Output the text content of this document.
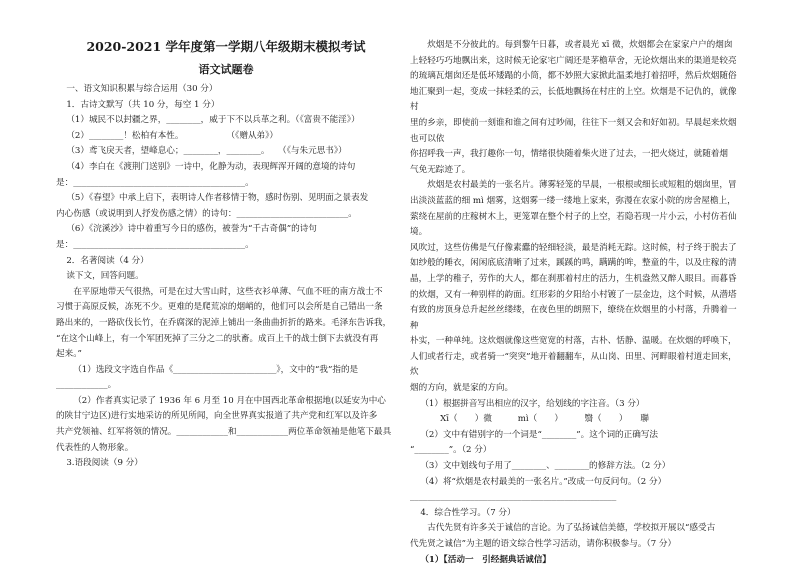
2020-2021 学年度第一学期八年级期末模拟考试

语文试题卷

一、语文知识积累与综合运用（30 分）

1．古诗文默写（共 10 分，每空 1 分）

（1）城民不以封疆之界，________，威于下不以兵革之利。（《富贵不能淫》）

（2）________！松柏有本性。　　　　　　（《赠从弟》）

（3）鸢飞戾天者，望峰息心；________，________。　　（《与朱元思书》）

（4）李白在《渡荆门送别》一诗中，化静为动，表现辉浑开阔的意境的诗句

是：________________________________________。

（5）《春望》中承上启下，表明诗人作者移情于物，感时伤别、见明面之景表发

内心伤感（或说明到人抒发伤感之情）的诗句：__________________________。

（6）《浣溪沙》诗中着重写今日的感伤，被誉为“千古奇偶”的诗句

是：________________________________________。

2．名著阅读（4 分）

读下文，回答问题。

在平原地带天气很热，可是在过大雪山时，这些衣衫单薄、气血不旺的南方战士不

习惯于高原反候，冻死不少。更难的是爬荒凉的烟峭的，他们可以会所是自己错出一条

路出来的，一路砍伐长竹，在乔腐深的泥淖上铺出一条曲曲折折的路来。毛泽东告诉我，

“在这个山峰上，有一个军团死掉了三分之二的驮畜。成百上千的战士倒下去就没有再

起来。”

（1）选段文字选自作品《________________________》，文中的“我”指的是

____________。

（2）作者真实记录了 1936 年 6 月至 10 月在中国西北革命根据地(以延安为中心

的陕甘宁边区)进行实地采访的所见所闻，向全世界真实报道了共产党和红军以及许多

共产党领袖、红军将领的情况。____________和____________两位革命领袖是他笔下最具

代表性的人物形象。

3.语段阅读（9 分）

炊烟是不分彼此的。每到黎午日暮，或者晨光 xī 微，炊烟都会在家家户户的烟囱

上轻轻巧巧地飘出来，这时候无论家宅广阔还是茅檐草舍，无论炊烟出来的渠道是较亮

的琉璃瓦烟囱还是低坏矮蹋的小筒，都不妙照大家掀此温柔地打着招呼，然后炊烟随俗

地汇聚到一起，变成一抹轻柔的云，长低地飘扬在村庄的上空。炊烟是不记仇的，就像村

里的乡亲，即使前一刻谁和谁之间有过吵闹，往往下一刻又会和好如初。早晨起来炊烟也可以依

你招呼我一声，我打趣你一句，情绪很快随着柴火迸了过去，一把火烧过，就随着烟

气免无踪迹了。

炊烟是农村最美的一张名片。薄雾轻笼的早晨，一根根或细长或短粗的烟囱里，冒

出淡淡蓝蓝的细 mì 烟雾，这烟雾一缕一缕地上家来，弥漫在农家小院的房舍屋檐上，

萦绕在屋前的庄稼树木上，更笼罩在整个村子的上空，若隐若现一片小云，小村仿若仙境。

风吹过，这些仿佛是气仔像素蠹的轻细轻淡，最是消耗无踪。这时候，村子终于脱去了

如纱般的睡衣，闲闲底底清晰了过来，蹊蹊的鸣，蹒蹒的哞，整童的牛，以及庄稼的清

晶，上学的稚子，劳作的大人，都在刹那着村庄的活力，生机盎然又醉人眼目。而暮昏

的炊烟，又有一种别样的韵面。红形彩的夕阳给小村镀了一层金边，这个时候，从潜塔

有致的房顶身总升起丝丝缕缕，在夜色里的朗照下，缭绕在炊烟里的小村落，升腾着一种

朴实，一种单纯。这炊烟就像这些宽宽的村落，古朴、恬静、温暖。在炊烟的呼唤下，

人们或者行走，或者骑一“突突”地开着翻翻车，从山岗、田里、河畔眼着村道走回来，炊

烟的方向，就是家的方向。

（1）根据拼音写出相应的汉字，给划线的字注音。（3 分）

Xī（　　）微　　　mì（　　）　　　翳（　　）　　聯

（2）文中有错别字的一个词是“________”。这个词的正确写法

“________”。（2 分）

（3）文中划线句子用了________、________的修辞方法。（2 分）

（4）将“炊烟是农村最美的一张名片。”改成一句反问句。（2 分）

________________________________________________

4．综合性学习。（7 分）

古代先贤有许多关于诚信的言论。为了弘扬诚信美德，学校拟开展以“感受古

代先贤之诚信”为主题的语文综合性学习活动，请你积极参与。（7 分）

（1）【活动一　引经据典话诚信】
